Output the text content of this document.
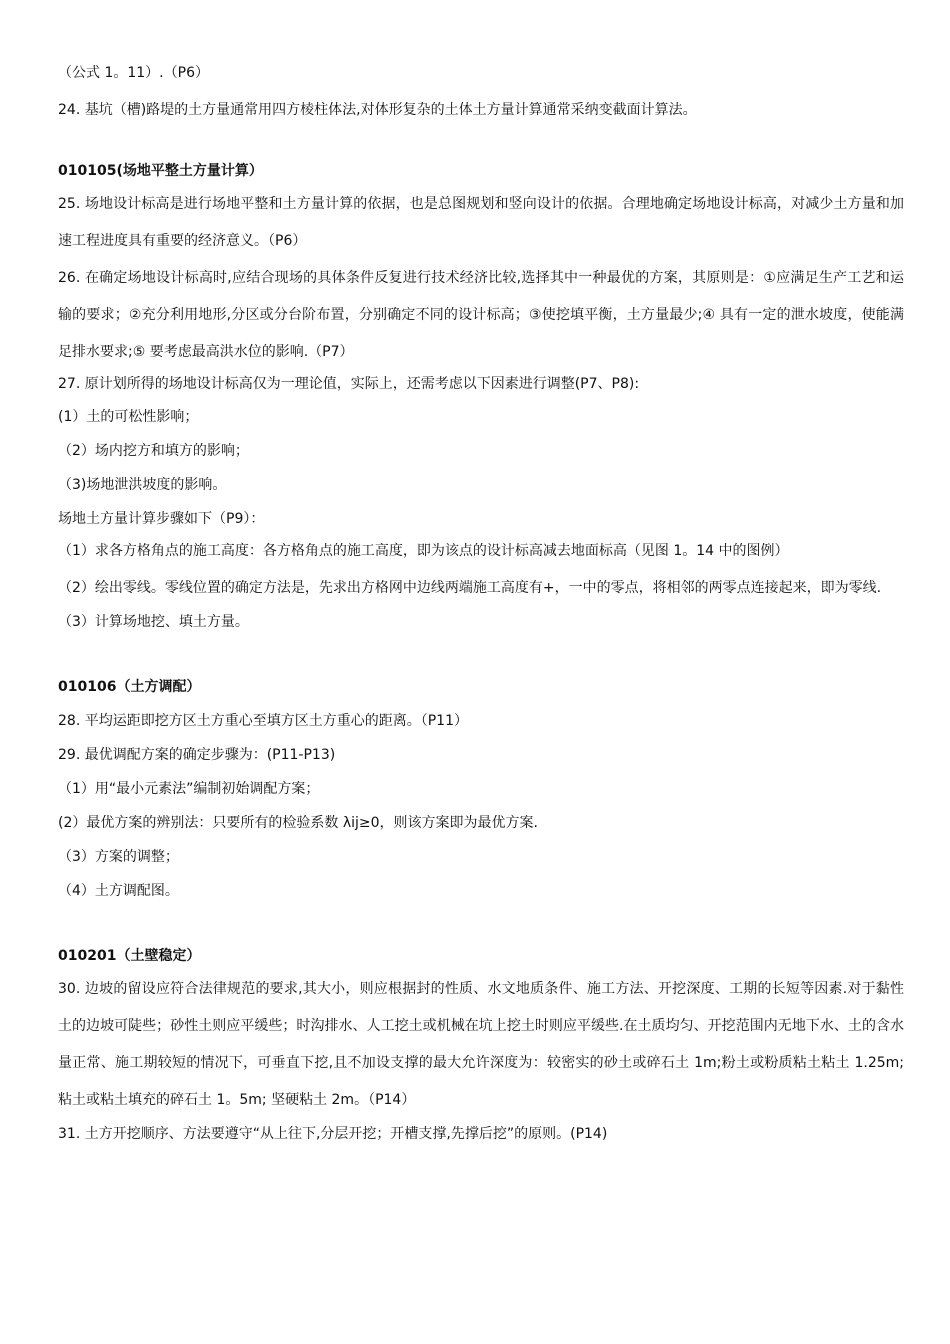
（公式 1。11）.（P6）

24. 基坑（槽)路堤的土方量通常用四方棱柱体法,对体形复杂的土体土方量计算通常采纳变截面计算法。

010105(场地平整土方量计算）

25. 场地设计标高是进行场地平整和土方量计算的依据，也是总图规划和竖向设计的依据。合理地确定场地设计标高，对减少土方量和加速工程进度具有重要的经济意义。（P6）

26. 在确定场地设计标高时,应结合现场的具体条件反复进行技术经济比较,选择其中一种最优的方案，其原则是：①应满足生产工艺和运输的要求；②充分利用地形,分区或分台阶布置，分别确定不同的设计标高；③使挖填平衡，土方量最少;④ 具有一定的泄水坡度，使能满足排水要求;⑤ 要考虑最高洪水位的影响.（P7）

27. 原计划所得的场地设计标高仅为一理论值，实际上，还需考虑以下因素进行调整(P7、P8):

(1）土的可松性影响；

（2）场内挖方和填方的影响；

（3)场地泄洪坡度的影响。

场地土方量计算步骤如下（P9）：

（1）求各方格角点的施工高度：各方格角点的施工高度，即为该点的设计标高减去地面标高（见图 1。14 中的图例）

（2）绘出零线。零线位置的确定方法是，先求出方格网中边线两端施工高度有+，一中的零点，将相邻的两零点连接起来，即为零线.

（3）计算场地挖、填土方量。

010106（土方调配）

28. 平均运距即挖方区土方重心至填方区土方重心的距离。（P11）

29. 最优调配方案的确定步骤为：(P11-P13)

（1）用“最小元素法”编制初始调配方案；

(2）最优方案的辨别法：只要所有的检验系数 λij≥0，则该方案即为最优方案.

（3）方案的调整；

（4）土方调配图。

010201（土壁稳定）

30. 边坡的留设应符合法律规范的要求,其大小，则应根据封的性质、水文地质条件、施工方法、开挖深度、工期的长短等因素.对于黏性土的边坡可陡些；砂性土则应平缓些；时沟排水、人工挖土或机械在坑上挖土时则应平缓些.在土质均匀、开挖范围内无地下水、土的含水量正常、施工期较短的情况下，可垂直下挖,且不加设支撑的最大允许深度为：较密实的砂土或碎石土 1m;粉土或粉质粘土粘土 1.25m; 粘土或粘土填充的碎石土 1。5m; 坚硬粘土 2m。（P14）

31. 土方开挖顺序、方法要遵守“从上往下,分层开挖；开槽支撑,先撑后挖”的原则。(P14)
